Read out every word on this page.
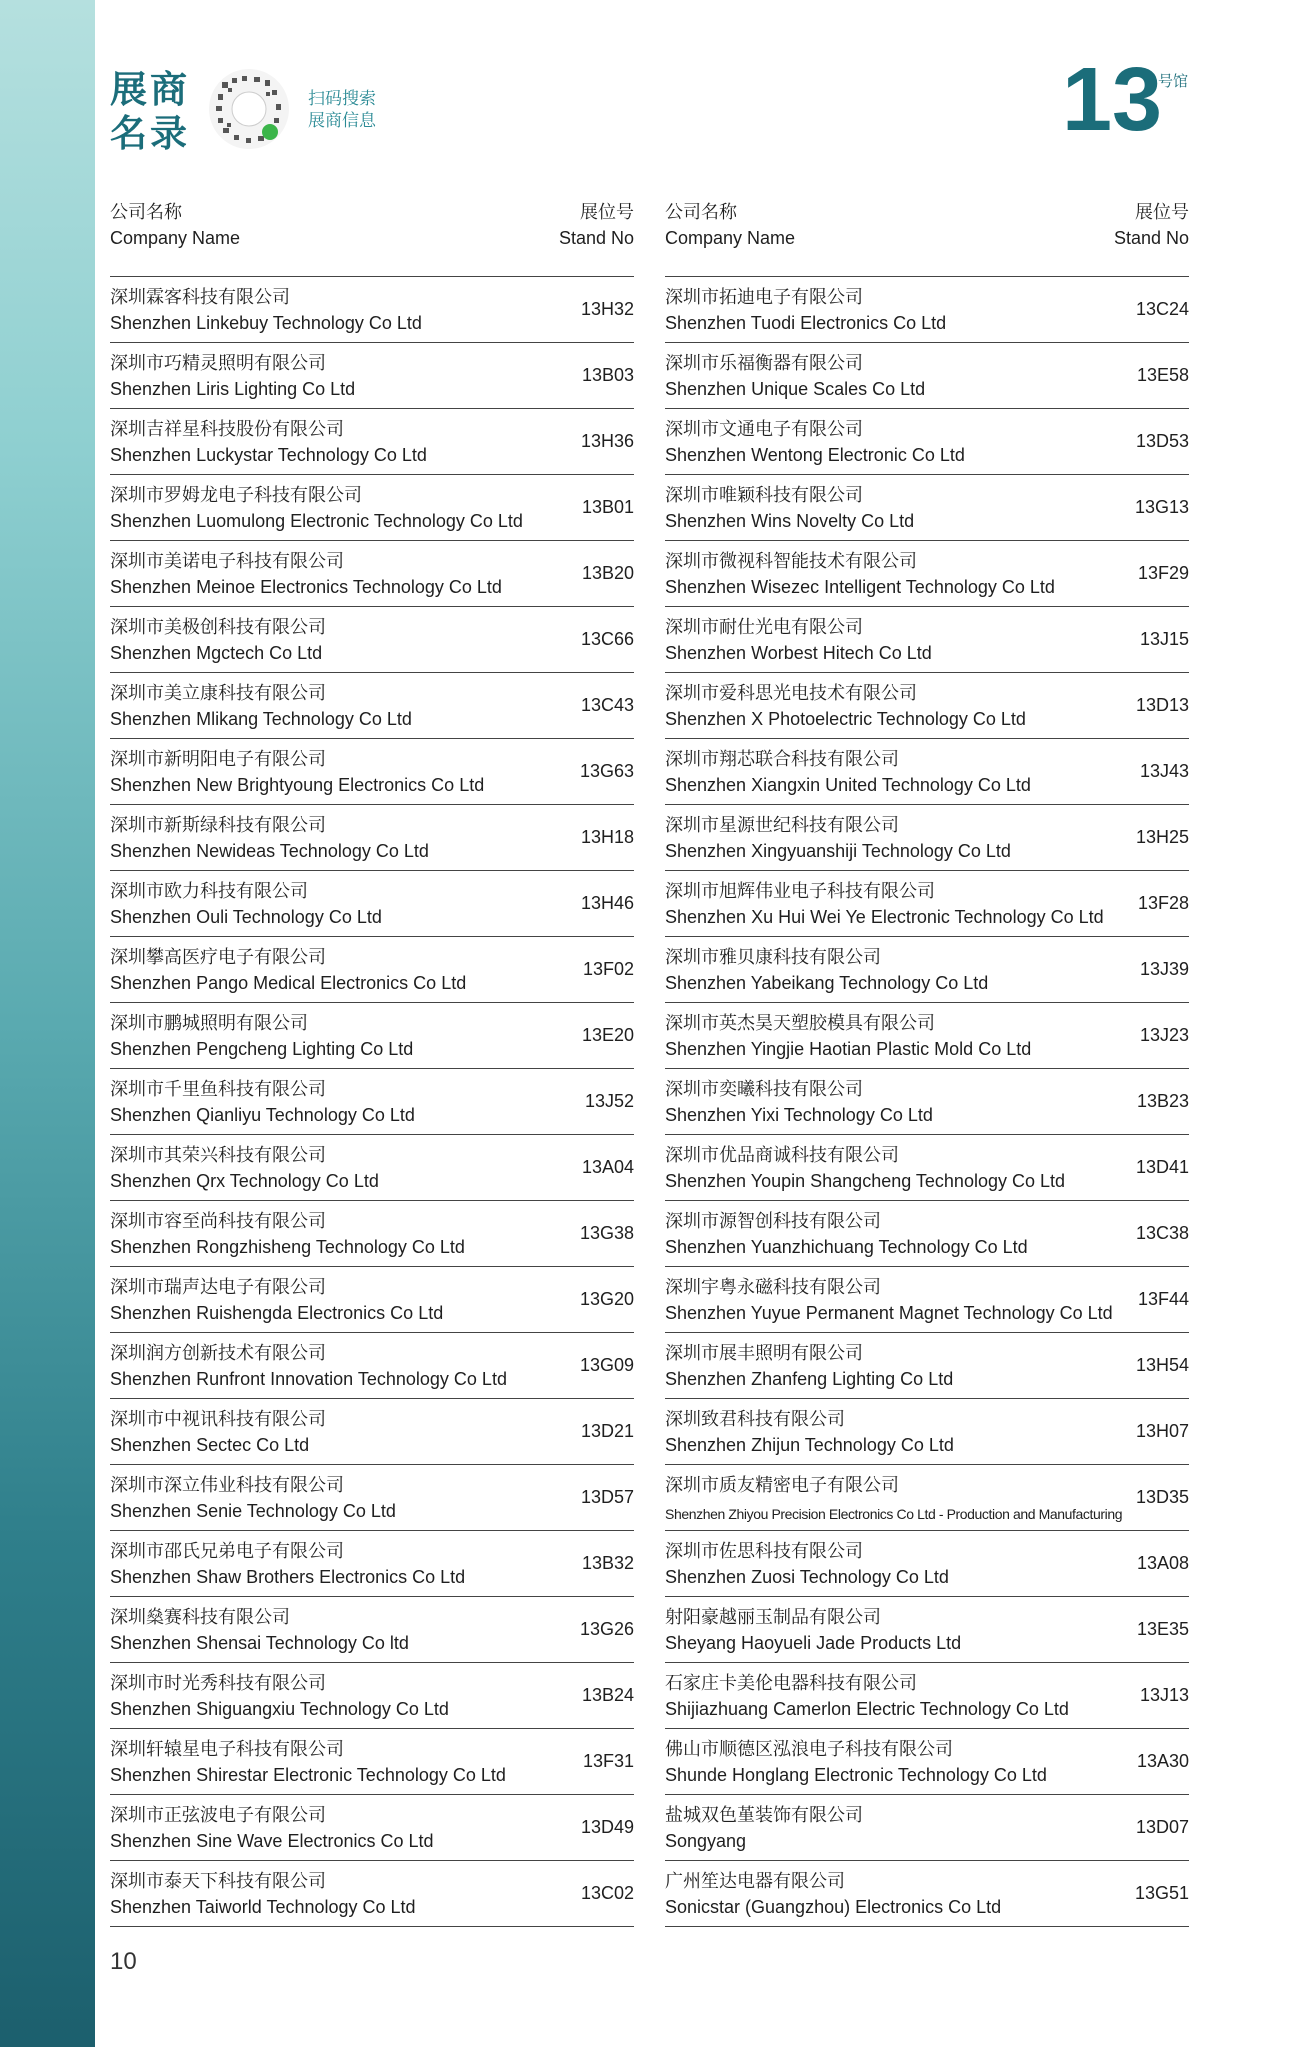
展商
名录
扫码搜索
展商信息	13
号馆
公司名称
Company Name
展位号
Stand No
深圳霖客科技有限公司
Shenzhen Linkebuy Technology Co Ltd
13H32
深圳市巧精灵照明有限公司
Shenzhen Liris Lighting Co Ltd
13B03
深圳吉祥星科技股份有限公司
Shenzhen Luckystar Technology Co Ltd
13H36
深圳市罗姆龙电子科技有限公司
Shenzhen Luomulong Electronic Technology Co Ltd
13B01
深圳市美诺电子科技有限公司
Shenzhen Meinoe Electronics Technology Co Ltd
13B20
深圳市美极创科技有限公司
Shenzhen Mgctech Co Ltd
13C66
深圳市美立康科技有限公司
Shenzhen Mlikang Technology Co Ltd
13C43
深圳市新明阳电子有限公司
Shenzhen New Brightyoung Electronics Co Ltd
13G63
深圳市新斯绿科技有限公司
Shenzhen Newideas Technology Co Ltd
13H18
深圳市欧力科技有限公司
Shenzhen Ouli Technology Co Ltd
13H46
深圳攀高医疗电子有限公司
Shenzhen Pango Medical Electronics Co Ltd
13F02
深圳市鹏城照明有限公司
Shenzhen Pengcheng Lighting Co Ltd
13E20
深圳市千里鱼科技有限公司
Shenzhen Qianliyu Technology Co Ltd
13J52
深圳市其荣兴科技有限公司
Shenzhen Qrx Technology Co Ltd
13A04
深圳市容至尚科技有限公司
Shenzhen Rongzhisheng Technology Co Ltd
13G38
深圳市瑞声达电子有限公司
Shenzhen Ruishengda Electronics Co Ltd
13G20
深圳润方创新技术有限公司
Shenzhen Runfront Innovation Technology Co Ltd
13G09
深圳市中视讯科技有限公司
Shenzhen Sectec Co Ltd
13D21
深圳市深立伟业科技有限公司
Shenzhen Senie Technology Co Ltd
13D57
深圳市邵氏兄弟电子有限公司
Shenzhen Shaw Brothers Electronics Co Ltd
13B32
深圳燊赛科技有限公司
Shenzhen Shensai Technology Co ltd
13G26
深圳市时光秀科技有限公司
Shenzhen Shiguangxiu Technology Co Ltd
13B24
深圳轩辕星电子科技有限公司
Shenzhen Shirestar Electronic Technology Co Ltd
13F31
深圳市正弦波电子有限公司
Shenzhen Sine Wave Electronics Co Ltd
13D49
深圳市泰天下科技有限公司
Shenzhen Taiworld Technology Co Ltd
13C02
公司名称
Company Name
展位号
Stand No
深圳市拓迪电子有限公司
Shenzhen Tuodi Electronics Co Ltd
13C24
深圳市乐福衡器有限公司
Shenzhen Unique Scales Co Ltd
13E58
深圳市文通电子有限公司
Shenzhen Wentong Electronic Co Ltd
13D53
深圳市唯颖科技有限公司
Shenzhen Wins Novelty Co Ltd
13G13
深圳市微视科智能技术有限公司
Shenzhen Wisezec Intelligent Technology Co Ltd
13F29
深圳市耐仕光电有限公司
Shenzhen Worbest Hitech Co Ltd
13J15
深圳市爱科思光电技术有限公司
Shenzhen X Photoelectric Technology Co Ltd
13D13
深圳市翔芯联合科技有限公司
Shenzhen Xiangxin United Technology Co Ltd
13J43
深圳市星源世纪科技有限公司
Shenzhen Xingyuanshiji Technology Co Ltd
13H25
深圳市旭辉伟业电子科技有限公司
Shenzhen Xu Hui Wei Ye Electronic Technology Co Ltd
13F28
深圳市雅贝康科技有限公司
Shenzhen Yabeikang Technology Co Ltd
13J39
深圳市英杰昊天塑胶模具有限公司
Shenzhen Yingjie Haotian Plastic Mold Co Ltd
13J23
深圳市奕曦科技有限公司
Shenzhen Yixi Technology Co Ltd
13B23
深圳市优品商诚科技有限公司
Shenzhen Youpin Shangcheng Technology Co Ltd
13D41
深圳市源智创科技有限公司
Shenzhen Yuanzhichuang Technology Co Ltd
13C38
深圳宇粤永磁科技有限公司
Shenzhen Yuyue Permanent Magnet Technology Co Ltd
13F44
深圳市展丰照明有限公司
Shenzhen Zhanfeng Lighting Co Ltd
13H54
深圳致君科技有限公司
Shenzhen Zhijun Technology Co Ltd
13H07
深圳市质友精密电子有限公司
Shenzhen Zhiyou Precision Electronics Co Ltd - Production and Manufacturing
13D35
深圳市佐思科技有限公司
Shenzhen Zuosi Technology Co Ltd
13A08
射阳豪越丽玉制品有限公司
Sheyang Haoyueli Jade Products Ltd
13E35
石家庄卡美伦电器科技有限公司
Shijiazhuang Camerlon Electric Technology Co Ltd
13J13
佛山市顺德区泓浪电子科技有限公司
Shunde Honglang Electronic Technology Co Ltd
13A30
盐城双色堇装饰有限公司
Songyang
13D07
广州笙达电器有限公司
Sonicstar (Guangzhou) Electronics Co Ltd
13G51
10
